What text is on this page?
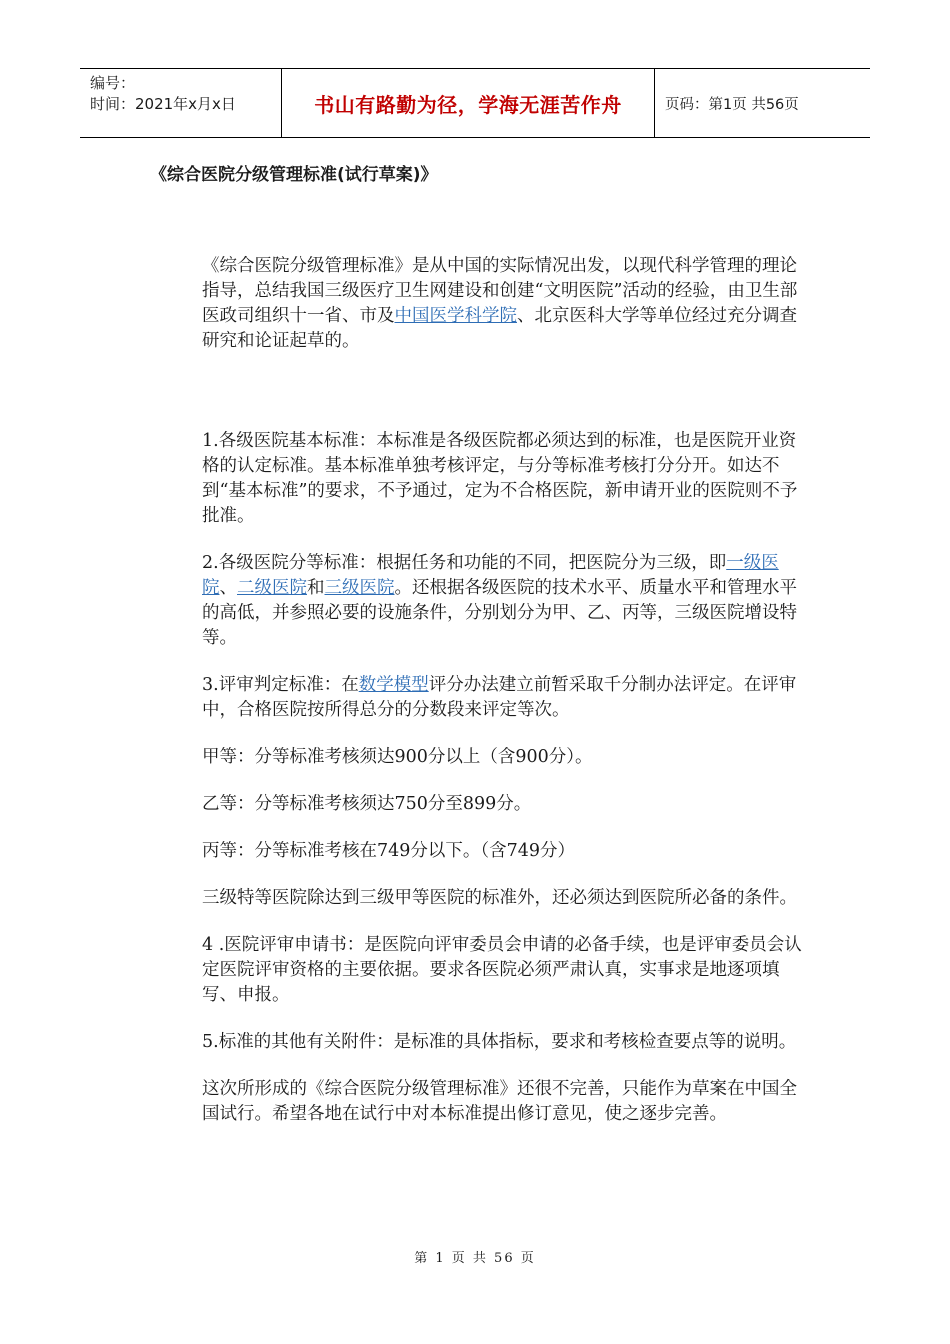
编号：
时间：2021年x月x日	书山有路勤为径，学海无涯苦作舟	页码：第1页 共56页
《综合医院分级管理标准(试行草案)》

《综合医院分级管理标准》是从中国的实际情况出发，以现代科学管理的理论指导，总结我国三级医疗卫生网建设和创建“文明医院”活动的经验，由卫生部医政司组织十一省、市及中国医学科学院、北京医科大学等单位经过充分调查研究和论证起草的。

1.各级医院基本标准：本标准是各级医院都必须达到的标准，也是医院开业资格的认定标准。基本标准单独考核评定，与分等标准考核打分分开。如达不到“基本标准”的要求，不予通过，定为不合格医院，新申请开业的医院则不予批准。

2.各级医院分等标准：根据任务和功能的不同，把医院分为三级，即一级医院、二级医院和三级医院。还根据各级医院的技术水平、质量水平和管理水平的高低，并参照必要的设施条件，分别划分为甲、乙、丙等，三级医院增设特等。

3.评审判定标准：在数学模型评分办法建立前暂采取千分制办法评定。在评审中，合格医院按所得总分的分数段来评定等次。

甲等：分等标准考核须达900分以上（含900分）。

乙等：分等标准考核须达750分至899分。

丙等：分等标准考核在749分以下。（含749分）

三级特等医院除达到三级甲等医院的标准外，还必须达到医院所必备的条件。

4 .医院评审申请书：是医院向评审委员会申请的必备手续，也是评审委员会认定医院评审资格的主要依据。要求各医院必须严肃认真，实事求是地逐项填写、申报。

5.标准的其他有关附件：是标准的具体指标，要求和考核检查要点等的说明。

这次所形成的《综合医院分级管理标准》还很不完善，只能作为草案在中国全国试行。希望各地在试行中对本标准提出修订意见，使之逐步完善。

第 1 页 共 56 页
